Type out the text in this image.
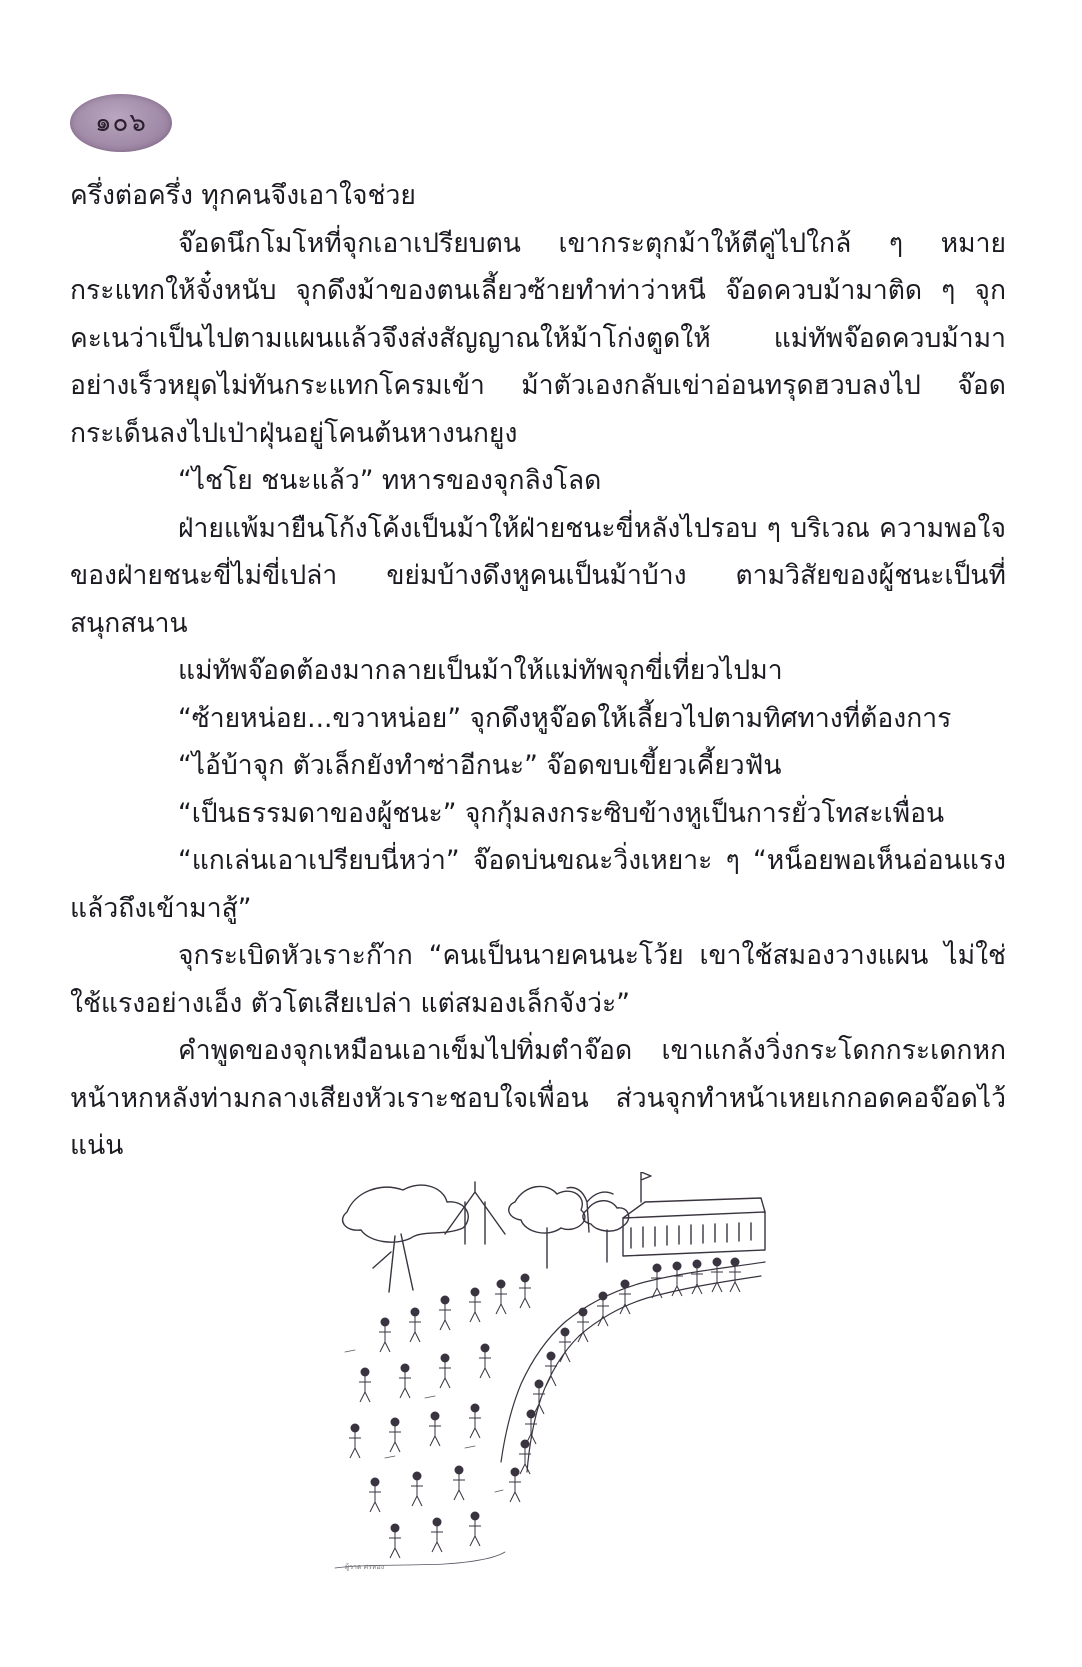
๑๐๖

ครึ่งต่อครึ่ง ทุกคนจึงเอาใจช่วย

จ๊อดนึกโมโหที่จุกเอาเปรียบตน เขากระตุกม้าให้ตีคู่ไปใกล้ ๆ หมายกระแทกให้จั๋งหนับ จุกดึงม้าของตนเลี้ยวซ้ายทำท่าว่าหนี จ๊อดควบม้ามาติด ๆ จุกคะเนว่าเป็นไปตามแผนแล้วจึงส่งสัญญาณให้ม้าโก่งตูดให้ แม่ทัพจ๊อดควบม้ามาอย่างเร็วหยุดไม่ทันกระแทกโครมเข้า ม้าตัวเองกลับเข่าอ่อนทรุดฮวบลงไป จ๊อดกระเด็นลงไปเป่าฝุ่นอยู่โคนต้นหางนกยูง

“ไชโย ชนะแล้ว” ทหารของจุกลิงโลด

ฝ่ายแพ้มายืนโก้งโค้งเป็นม้าให้ฝ่ายชนะขี่หลังไปรอบ ๆ บริเวณ ความพอใจของฝ่ายชนะขี่ไม่ขี่เปล่า ขย่มบ้างดึงหูคนเป็นม้าบ้าง ตามวิสัยของผู้ชนะเป็นที่สนุกสนาน

แม่ทัพจ๊อดต้องมากลายเป็นม้าให้แม่ทัพจุกขี่เที่ยวไปมา

“ซ้ายหน่อย...ขวาหน่อย” จุกดึงหูจ๊อดให้เลี้ยวไปตามทิศทางที่ต้องการ

“ไอ้บ้าจุก ตัวเล็กยังทำซ่าอีกนะ” จ๊อดขบเขี้ยวเคี้ยวฟัน

“เป็นธรรมดาของผู้ชนะ” จุกกุ้มลงกระซิบข้างหูเป็นการยั่วโทสะเพื่อน

“แกเล่นเอาเปรียบนี่หว่า” จ๊อดบ่นขณะวิ่งเหยาะ ๆ “หน็อยพอเห็นอ่อนแรงแล้วถึงเข้ามาสู้”

จุกระเบิดหัวเราะก๊าก “คนเป็นนายคนนะโว้ย เขาใช้สมองวางแผน ไม่ใช่ใช้แรงอย่างเอ็ง ตัวโตเสียเปล่า แต่สมองเล็กจังว่ะ”

คำพูดของจุกเหมือนเอาเข็มไปทิ่มตำจ๊อด เขาแกล้งวิ่งกระโดกกระเดกหกหน้าหกหลังท่ามกลางเสียงหัวเราะชอบใจเพื่อน ส่วนจุกทำหน้าเหยเกกอดคอจ๊อดไว้แน่น

ผู้วาด ศรทอง
